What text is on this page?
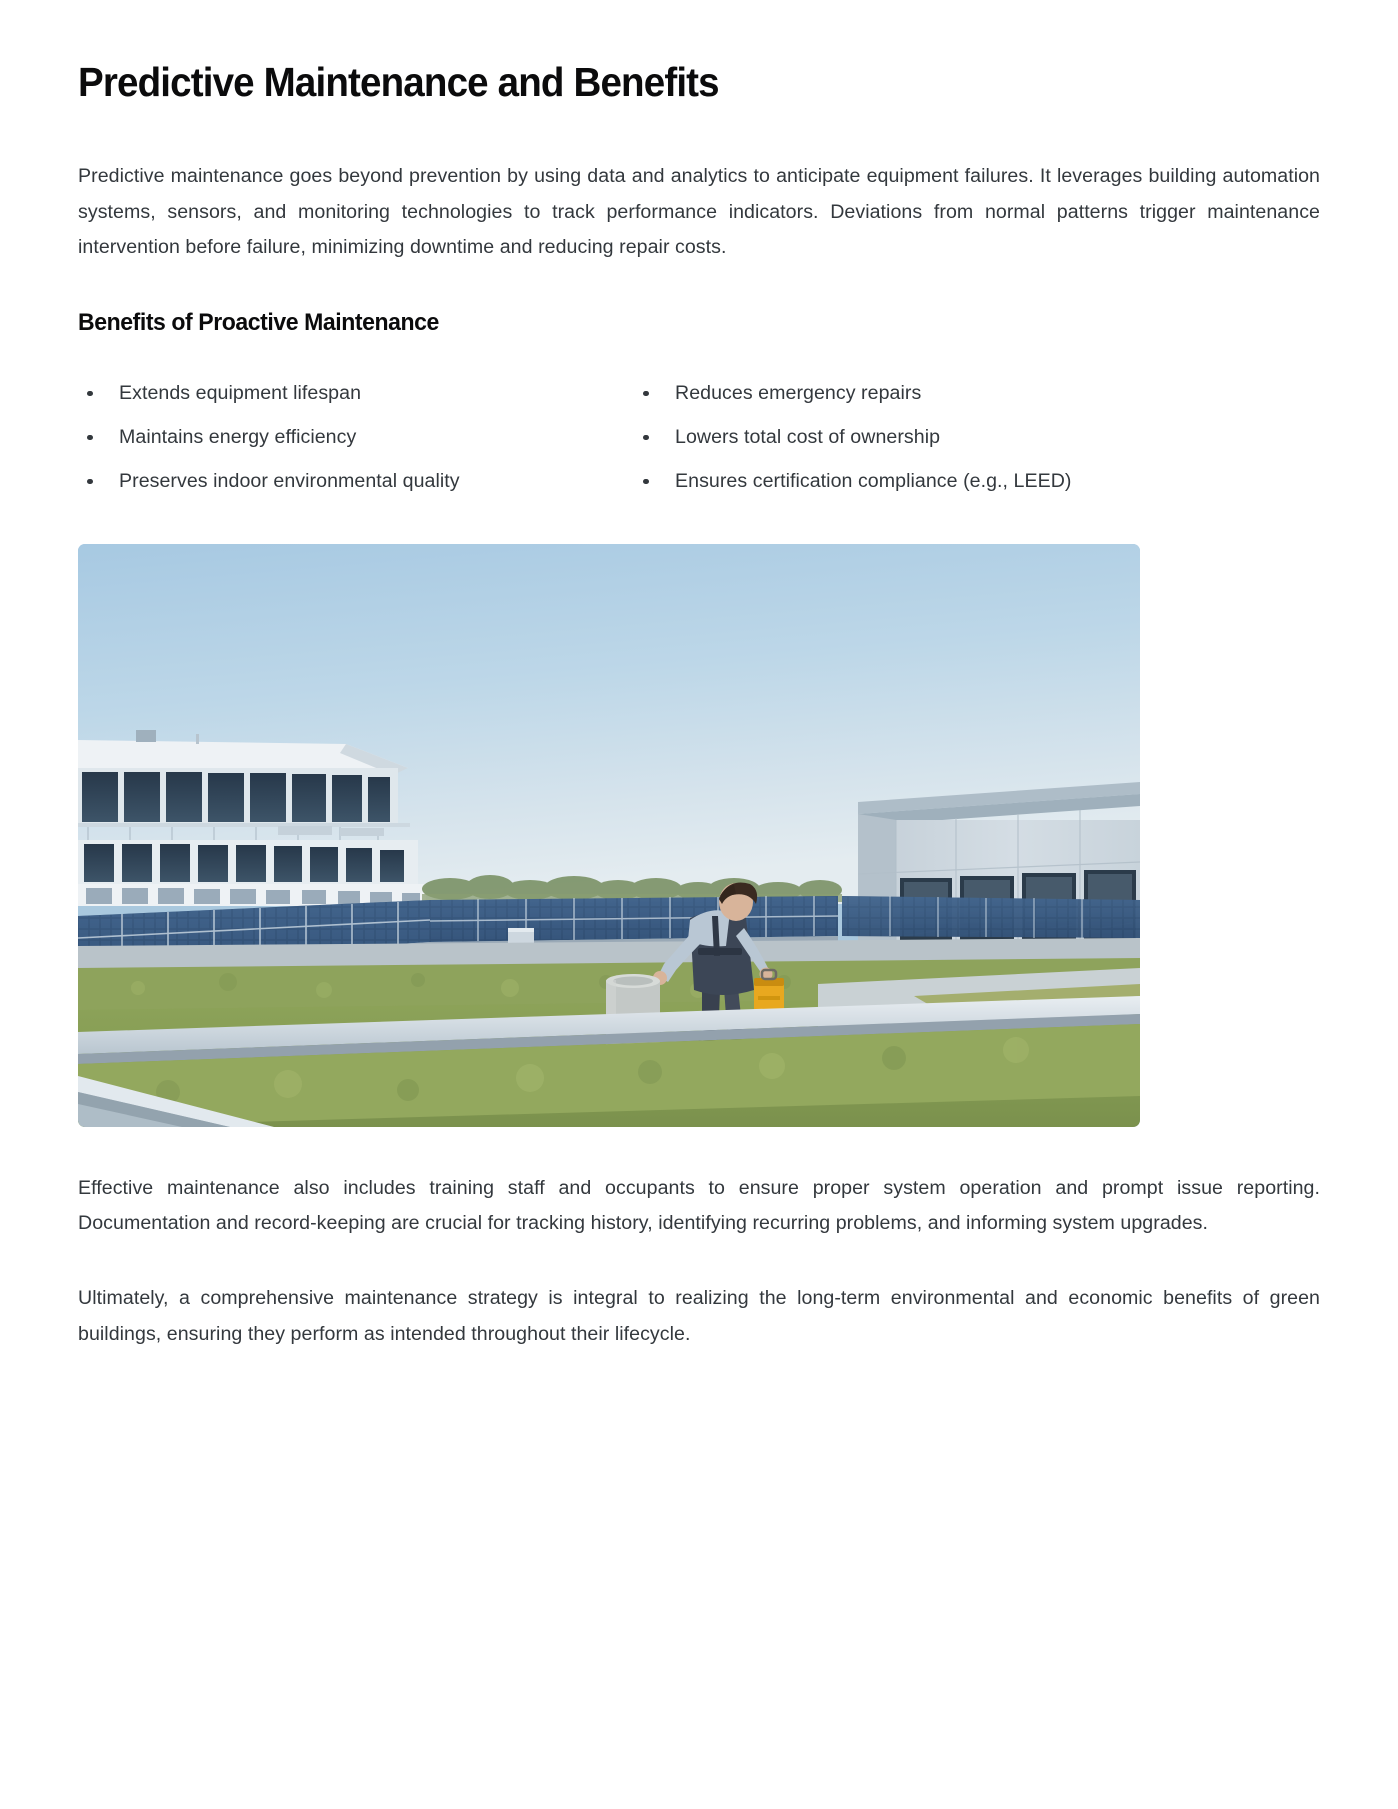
Predictive Maintenance and Benefits

Predictive maintenance goes beyond prevention by using data and analytics to anticipate equipment failures. It leverages building automation systems, sensors, and monitoring technologies to track performance indicators. Deviations from normal patterns trigger maintenance intervention before failure, minimizing downtime and reducing repair costs.

Benefits of Proactive Maintenance
Extends equipment lifespan
Maintains energy efficiency
Preserves indoor environmental quality
Reduces emergency repairs
Lowers total cost of ownership
Ensures certification compliance (e.g., LEED)

Effective maintenance also includes training staff and occupants to ensure proper system operation and prompt issue reporting. Documentation and record-keeping are crucial for tracking history, identifying recurring problems, and informing system upgrades.

Ultimately, a comprehensive maintenance strategy is integral to realizing the long-term environmental and economic benefits of green buildings, ensuring they perform as intended throughout their lifecycle.
